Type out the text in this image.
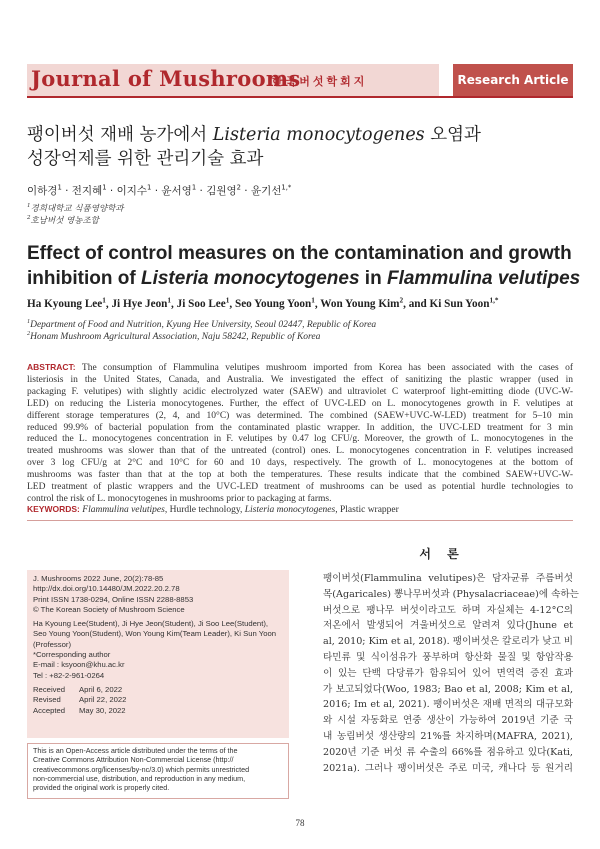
Journal of Mushrooms
한국버섯학회지	Research Article
팽이버섯 재배 농가에서 Listeria monocytogenes 오염과
성장억제를 위한 관리기술 효과
이하경$^1$ · 전지혜$^1$ · 이지수$^1$ · 윤서영$^1$ · 김원영$^2$ · 윤기선$^{1,*}$
$^1$경희대학교 식품영양학과
$^2$호남버섯 영농조합
Effect of control measures on the contamination and growth
inhibition of Listeria monocytogenes in Flammulina velutipes
Ha Kyoung Lee$^1$, Ji Hye Jeon$^1$, Ji Soo Lee$^1$, Seo Young Yoon$^1$, Won Young Kim$^2$, and Ki Sun Yoon$^{1,*}$
$^1$Department of Food and Nutrition, Kyung Hee University, Seoul 02447, Republic of Korea
$^2$Honam Mushroom Agricultural Association, Naju 58242, Republic of Korea
ABSTRACT: The consumption of Flammulina velutipes mushroom imported from Korea has been associated with the cases of
listeriosis in the United States, Canada, and Australia. We investigated the effect of sanitizing the plastic wrapper (used in
packaging F. velutipes) with slightly acidic electrolyzed water (SAEW) and ultraviolet C waterproof light-emitting diode (UVC-W-
LED) on reducing the Listeria monocytogenes. Further, the effect of UVC-LED on L. monocytogenes growth in F. velutipes at
different storage temperatures (2, 4, and 10°C) was determined. The combined (SAEW+UVC-W-LED) treatment for 5–10 min
reduced 99.9% of bacterial population from the contaminated plastic wrapper. In addition, the UVC-LED treatment for 3 min
reduced the L. monocytogenes concentration in F. velutipes by 0.47 log CFU/g. Moreover, the growth of L. monocytogenes in the
treated mushrooms was slower than that of the untreated (control) ones. L. monocytogenes concentration in F. velutipes increased
over 3 log CFU/g at 2°C and 10°C for 60 and 10 days, respectively. The growth of L. monocytogenes at the bottom of
mushrooms was faster than that at the top at both the temperatures. These results indicate that the combined SAEW+UVC-W-
LED treatment of plastic wrappers and the UVC-LED treatment of mushrooms can be used as potential hurdle technologies to
control the risk of L. monocytogenes in mushrooms prior to packaging at farms.
KEYWORDS: Flammulina velutipes, Hurdle technology, Listeria monocytogenes, Plastic wrapper
J. Mushrooms 2022 June, 20(2):78-85
http://dx.doi.org/10.14480/JM.2022.20.2.78
Print ISSN 1738-0294, Online ISSN 2288-8853
© The Korean Society of Mushroom Science
Ha Kyoung Lee(Student), Ji Hye Jeon(Student), Ji Soo Lee(Student),
Seo Young Yoon(Student), Won Young Kim(Team Leader), Ki Sun Yoon
(Professor)
*Corresponding author
E-mail : ksyoon@khu.ac.kr
Tel : +82-2-961-0264
Received April 6, 2022
Revised April 22, 2022
Accepted May 30, 2022
This is an Open-Access article distributed under the terms of the
Creative Commons Attribution Non-Commercial License (http://
creativecommons.org/licenses/by-nc/3.0) which permits unrestricted
non-commercial use, distribution, and reproduction in any medium,
provided the original work is properly cited.
서 론
팽이버섯(Flammulina velutipes)은 담자균류 주름버섯
목(Agaricales) 뽕나무버섯과 (Physalacriaceae)에 속하는
버섯으로 팽나무 버섯이라고도 하며 자실체는 4-12°C의
저온에서 발생되어 겨울버섯으로 알려져 있다(Jhune et
al, 2010; Kim et al, 2018). 팽이버섯은 칼로리가 낮고 비
타민류 및 식이섬유가 풍부하며 항산화 물질 및 항암작용
이 있는 단백 다당류가 함유되어 있어 면역력 증진 효과
가 보고되었다(Woo, 1983; Bao et al, 2008; Kim et al,
2016; Im et al, 2021). 팽이버섯은 재배 면적의 대규모화
와 시설 자동화로 연중 생산이 가능하여 2019년 기준 국
내 농림버섯 생산량의 21%를 차지하며(MAFRA, 2021),
2020년 기준 버섯 류 수출의 66%를 점유하고 있다(Kati,
2021a). 그러나 팽이버섯은 주로 미국, 캐나다 등 원거리
78
